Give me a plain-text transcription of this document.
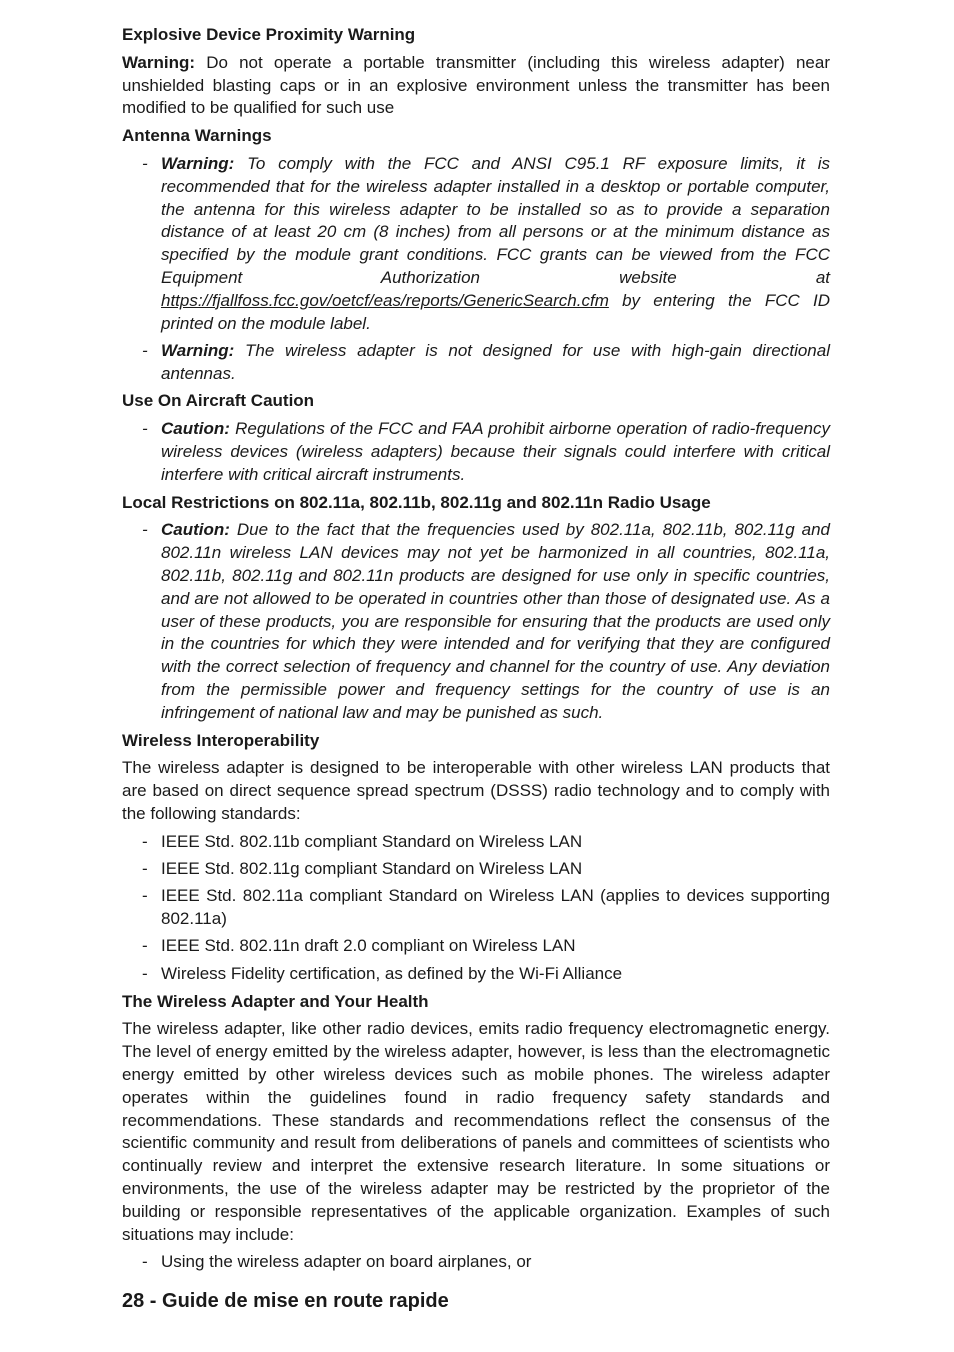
Explosive Device Proximity Warning

Warning: Do not operate a portable transmitter (including this wireless adapter) near unshielded blasting caps or in an explosive environment unless the transmitter has been modified to be qualified for such use

Antenna Warnings
- Warning: To comply with the FCC and ANSI C95.1 RF exposure limits, it is recommended that for the wireless adapter installed in a desktop or portable computer, the antenna for this wireless adapter to be installed so as to provide a separation distance of at least 20 cm (8 inches) from all persons or at the minimum distance as specified by the module grant conditions. FCC grants can be viewed from the FCC Equipment Authorization website at https://fjallfoss.fcc.gov/oetcf/eas/reports/GenericSearch.cfm by entering the FCC ID printed on the module label.
- Warning: The wireless adapter is not designed for use with high-gain directional antennas.
Use On Aircraft Caution
- Caution: Regulations of the FCC and FAA prohibit airborne operation of radio-frequency wireless devices (wireless adapters) because their signals could interfere with critical interfere with critical aircraft instruments.
Local Restrictions on 802.11a, 802.11b, 802.11g and 802.11n Radio Usage
- Caution: Due to the fact that the frequencies used by 802.11a, 802.11b, 802.11g and 802.11n wireless LAN devices may not yet be harmonized in all countries, 802.11a, 802.11b, 802.11g and 802.11n products are designed for use only in specific countries, and are not allowed to be operated in countries other than those of designated use. As a user of these products, you are responsible for ensuring that the products are used only in the countries for which they were intended and for verifying that they are configured with the correct selection of frequency and channel for the country of use. Any deviation from the permissible power and frequency settings for the country of use is an infringement of national law and may be punished as such.
Wireless Interoperability

The wireless adapter is designed to be interoperable with other wireless LAN products that are based on direct sequence spread spectrum (DSSS) radio technology and to comply with the following standards:

- IEEE Std. 802.11b compliant Standard on Wireless LAN
- IEEE Std. 802.11g compliant Standard on Wireless LAN
- IEEE Std. 802.11a compliant Standard on Wireless LAN (applies to devices supporting 802.11a)
- IEEE Std. 802.11n draft 2.0 compliant on Wireless LAN
- Wireless Fidelity certification, as defined by the Wi-Fi Alliance
The Wireless Adapter and Your Health

The wireless adapter, like other radio devices, emits radio frequency electromagnetic energy. The level of energy emitted by the wireless adapter, however, is less than the electromagnetic energy emitted by other wireless devices such as mobile phones. The wireless adapter operates within the guidelines found in radio frequency safety standards and recommendations. These standards and recommendations reflect the consensus of the scientific community and result from deliberations of panels and committees of scientists who continually review and interpret the extensive research literature. In some situations or environments, the use of the wireless adapter may be restricted by the proprietor of the building or responsible representatives of the applicable organization. Examples of such situations may include:

- Using the wireless adapter on board airplanes, or
28 - Guide de mise en route rapide
